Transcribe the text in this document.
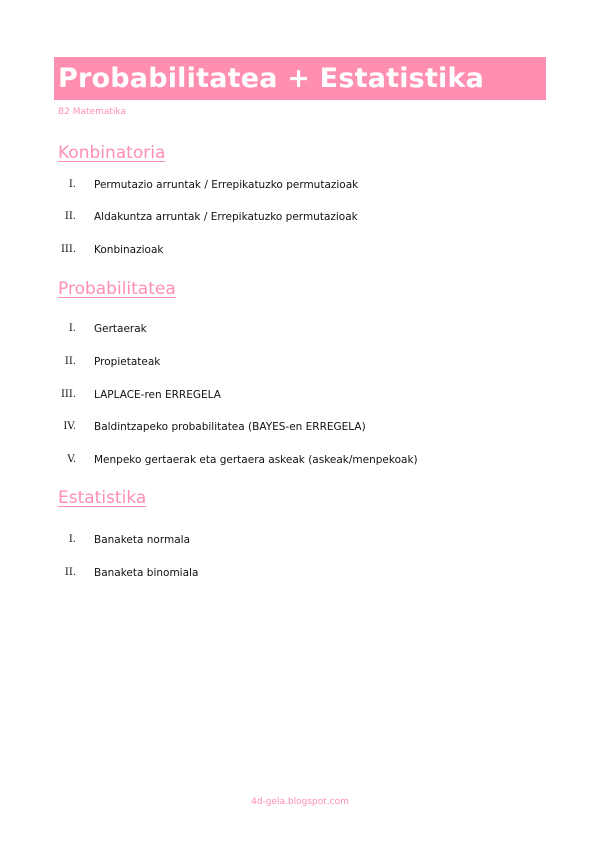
Probabilitatea + Estatistika
B2 Matematika
Konbinatoria
I. Permutazio arruntak / Errepikatuzko permutazioak
II. Aldakuntza arruntak / Errepikatuzko permutazioak
III. Konbinazioak
Probabilitatea
I. Gertaerak
II. Propietateak
III. LAPLACE-ren ERREGELA
IV. Baldintzapeko probabilitatea (BAYES-en ERREGELA)
V. Menpeko gertaerak eta gertaera askeak (askeak/menpekoak)
Estatistika
I. Banaketa normala
II. Banaketa binomiala
4d-gela.blogspot.com
